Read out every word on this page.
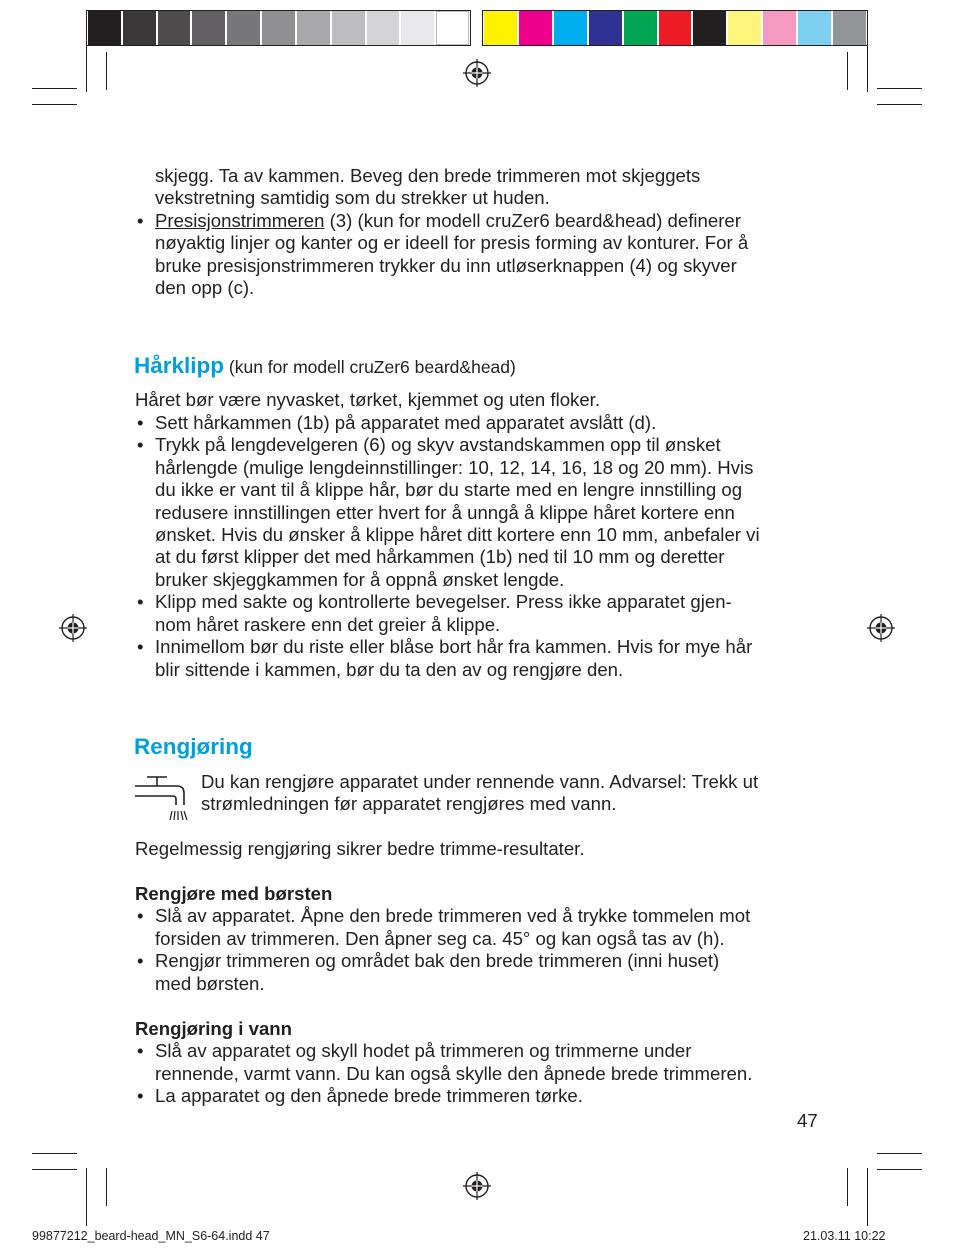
skjegg. Ta av kammen. Beveg den brede trimmeren mot skjeggets
vekstretning samtidig som du strekker ut huden.
• Presisjonstrimmeren (3) (kun for modell cruZer6 beard&head) definerer
nøyaktig linjer og kanter og er ideell for presis forming av konturer. For å
bruke presisjonstrimmeren trykker du inn utløserknappen (4) og skyver
den opp (c).
Hårklipp (kun for modell cruZer6 beard&head)
Håret bør være nyvasket, tørket, kjemmet og uten floker.
• Sett hårkammen (1b) på apparatet med apparatet avslått (d).
• Trykk på lengdevelgeren (6) og skyv avstandskammen opp til ønsket
hårlengde (mulige lengdeinnstillinger: 10, 12, 14, 16, 18 og 20 mm). Hvis
du ikke er vant til å klippe hår, bør du starte med en lengre innstilling og
redusere innstillingen etter hvert for å unngå å klippe håret kortere enn
ønsket. Hvis du ønsker å klippe håret ditt kortere enn 10 mm, anbefaler vi
at du først klipper det med hårkammen (1b) ned til 10 mm og deretter
bruker skjeggkammen for å oppnå ønsket lengde.
• Klipp med sakte og kontrollerte bevegelser. Press ikke apparatet gjen-
nom håret raskere enn det greier å klippe.
• Innimellom bør du riste eller blåse bort hår fra kammen. Hvis for mye hår
blir sittende i kammen, bør du ta den av og rengjøre den.
Rengjøring
Du kan rengjøre apparatet under rennende vann. Advarsel: Trekk ut
strømledningen før apparatet rengjøres med vann.
Regelmessig rengjøring sikrer bedre trimme-resultater.
Rengjøre med børsten
• Slå av apparatet. Åpne den brede trimmeren ved å trykke tommelen mot
forsiden av trimmeren. Den åpner seg ca. 45° og kan også tas av (h).
• Rengjør trimmeren og området bak den brede trimmeren (inni huset)
med børsten.
Rengjøring i vann
• Slå av apparatet og skyll hodet på trimmeren og trimmerne under
rennende, varmt vann. Du kan også skylle den åpnede brede trimmeren.
• La apparatet og den åpnede brede trimmeren tørke.
47
99877212_beard-head_MN_S6-64.indd 47	21.03.11 10:22
